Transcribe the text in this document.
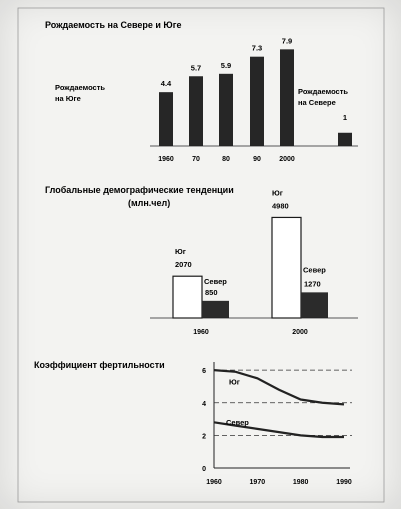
Рождаемость на Севере и Юге
Рождаемость
на Юге
Рождаемость
на Севере
4.4
5.7	5.9
7.3
7.9
1
1960	70	80	90	2000
Глобальные демографические тенденции
(млн.чел)
Юг
2070
Север
850
Юг
4980
Север
1270
1960	2000
Коэффициент фертильности
0
2
4
6
1960	1970	1980	1990
Юг
Север
